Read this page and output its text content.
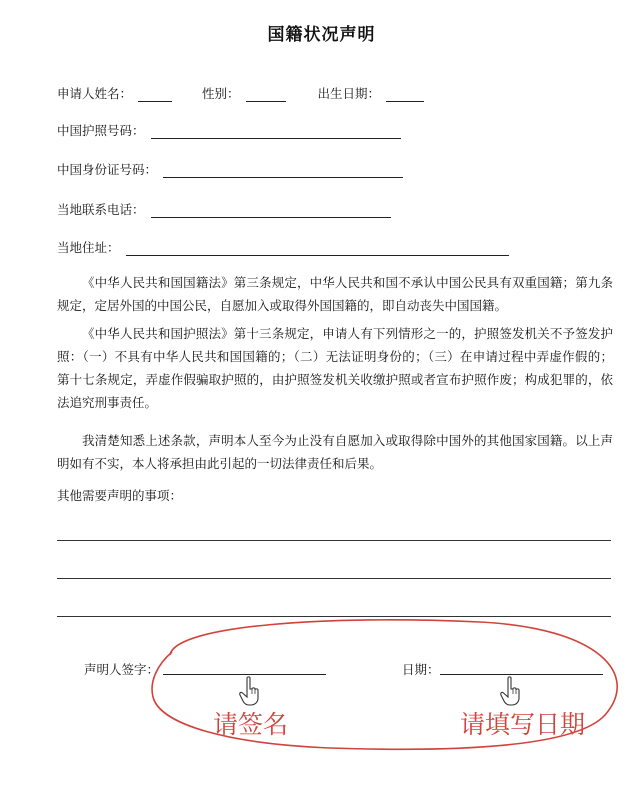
国籍状况声明
申请人姓名：	性别：	出生日期：
中国护照号码：
中国身份证号码：
当地联系电话：
当地住址：
《中华人民共和国国籍法》第三条规定，中华人民共和国不承认中国公民具有双重国籍；第九条规定，定居外国的中国公民，自愿加入或取得外国国籍的，即自动丧失中国国籍。
《中华人民共和国护照法》第十三条规定，申请人有下列情形之一的，护照签发机关不予签发护照：（一）不具有中华人民共和国国籍的；（二）无法证明身份的；（三）在申请过程中弄虚作假的；第十七条规定，弄虚作假骗取护照的，由护照签发机关收缴护照或者宣布护照作废；构成犯罪的，依法追究刑事责任。
我清楚知悉上述条款，声明本人至今为止没有自愿加入或取得除中国外的其他国家国籍。以上声明如有不实，本人将承担由此引起的一切法律责任和后果。
其他需要声明的事项：
声明人签字：	日期：
请签名	请填写日期
